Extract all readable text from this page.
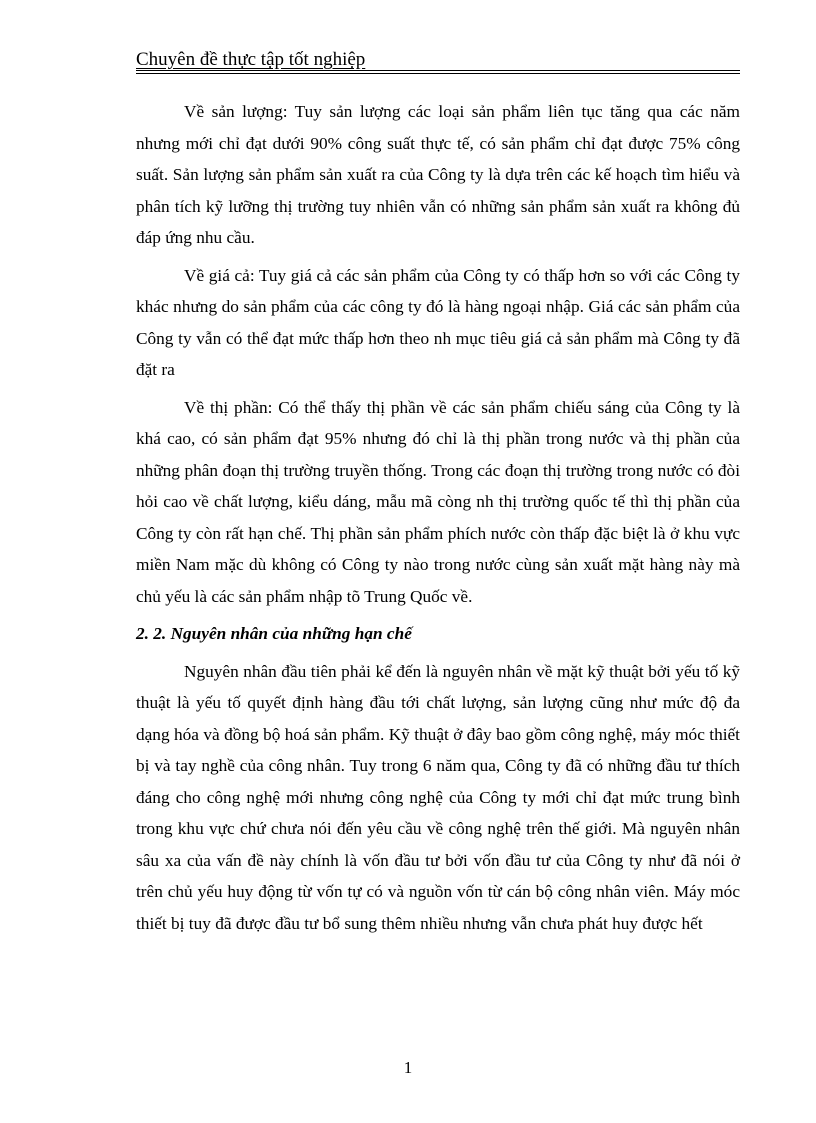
Chuyên đề thực tập tốt nghiệp

Về sản lượng: Tuy sản lượng các loại sản phẩm liên tục tăng qua các năm nhưng mới chỉ đạt dưới 90% công suất thực tế, có sản phẩm chỉ đạt được 75% công suất. Sản lượng sản phẩm sản xuất ra của Công ty là dựa trên các kế hoạch tìm hiểu và phân tích kỹ lưỡng thị trường tuy nhiên vẫn có những sản phẩm sản xuất ra không đủ đáp ứng nhu cầu.

Về giá cả: Tuy giá cả các sản phẩm của Công ty có thấp hơn so với các Công ty khác nhưng do sản phẩm của các công ty đó là hàng ngoại nhập. Giá các sản phẩm của Công ty vẫn có thể đạt mức thấp hơn theo nh mục tiêu giá cả sản phẩm mà Công ty đã đặt ra

Về thị phần: Có thể thấy thị phần về các sản phẩm chiếu sáng của Công ty là khá cao, có sản phẩm đạt 95% nhưng đó chỉ là thị phần trong nước và thị phần của những phân đoạn thị trường truyền thống. Trong các đoạn thị trường trong nước có đòi hỏi cao về chất lượng, kiểu dáng, mẫu mã còng nh thị trường quốc tế thì thị phần của Công ty còn rất hạn chế. Thị phần sản phẩm phích nước còn thấp đặc biệt là ở khu vực miền Nam mặc dù không có Công ty nào trong nước cùng sản xuất mặt hàng này mà chủ yếu là các sản phẩm nhập tõ Trung Quốc về.

2. 2. Nguyên nhân của những hạn chế

Nguyên nhân đầu tiên phải kể đến là nguyên nhân về mặt kỹ thuật bởi yếu tố kỹ thuật là yếu tố quyết định hàng đầu tới chất lượng, sản lượng cũng như mức độ đa dạng hóa và đồng bộ hoá sản phẩm. Kỹ thuật ở đây bao gồm công nghệ, máy móc thiết bị và tay nghề của công nhân. Tuy trong 6 năm qua, Công ty đã có những đầu tư thích đáng cho công nghệ mới nhưng công nghệ của Công ty mới chỉ đạt mức trung bình trong khu vực chứ chưa nói đến yêu cầu về công nghệ trên thế giới. Mà nguyên nhân sâu xa của vấn đề này chính là vốn đầu tư bởi vốn đầu tư của Công ty như đã nói ở trên chủ yếu huy động từ vốn tự có và nguồn vốn từ cán bộ công nhân viên. Máy móc thiết bị tuy đã được đầu tư bổ sung thêm nhiều nhưng vẫn chưa phát huy được hết

1
